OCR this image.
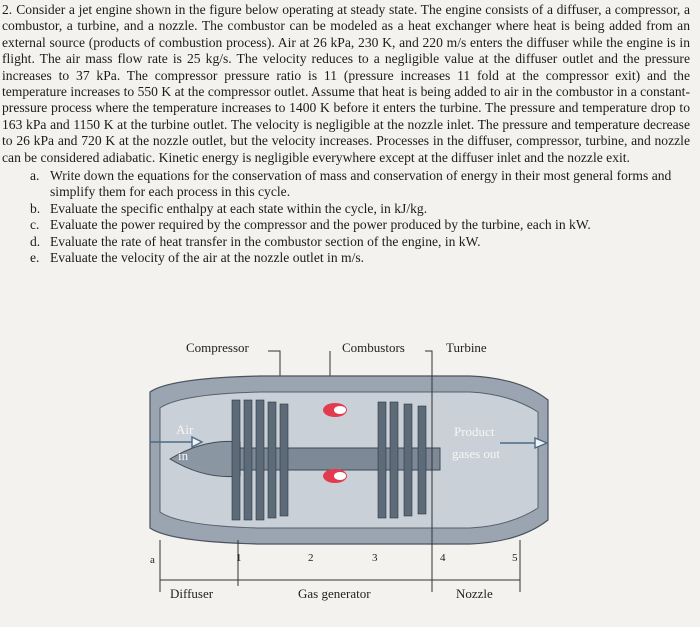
2. Consider a jet engine shown in the figure below operating at steady state. The engine consists of a diffuser, a compressor, a combustor, a turbine, and a nozzle. The combustor can be modeled as a heat exchanger where heat is being added from an external source (products of combustion process). Air at 26 kPa, 230 K, and 220 m/s enters the diffuser while the engine is in flight. The air mass flow rate is 25 kg/s. The velocity reduces to a negligible value at the diffuser outlet and the pressure increases to 37 kPa. The compressor pressure ratio is 11 (pressure increases 11 fold at the compressor exit) and the temperature increases to 550 K at the compressor outlet. Assume that heat is being added to air in the combustor in a constant-pressure process where the temperature increases to 1400 K before it enters the turbine. The pressure and temperature drop to 163 kPa and 1150 K at the turbine outlet. The velocity is negligible at the nozzle inlet. The pressure and temperature decrease to 26 kPa and 720 K at the nozzle outlet, but the velocity increases. Processes in the diffuser, compressor, turbine, and nozzle can be considered adiabatic. Kinetic energy is negligible everywhere except at the diffuser inlet and the nozzle exit.

a. Write down the equations for the conservation of mass and conservation of energy in their most general forms and simplify them for each process in this cycle.
b. Evaluate the specific enthalpy at each state within the cycle, in kJ/kg.
c. Evaluate the power required by the compressor and the power produced by the turbine, each in kW.
d. Evaluate the rate of heat transfer in the combustor section of the engine, in kW.
e. Evaluate the velocity of the air at the nozzle outlet in m/s.
Compressor	Combustors	Turbine
Air
in
Product
gases out
a	1	2	3	4	5
Diffuser	Gas generator	Nozzle
